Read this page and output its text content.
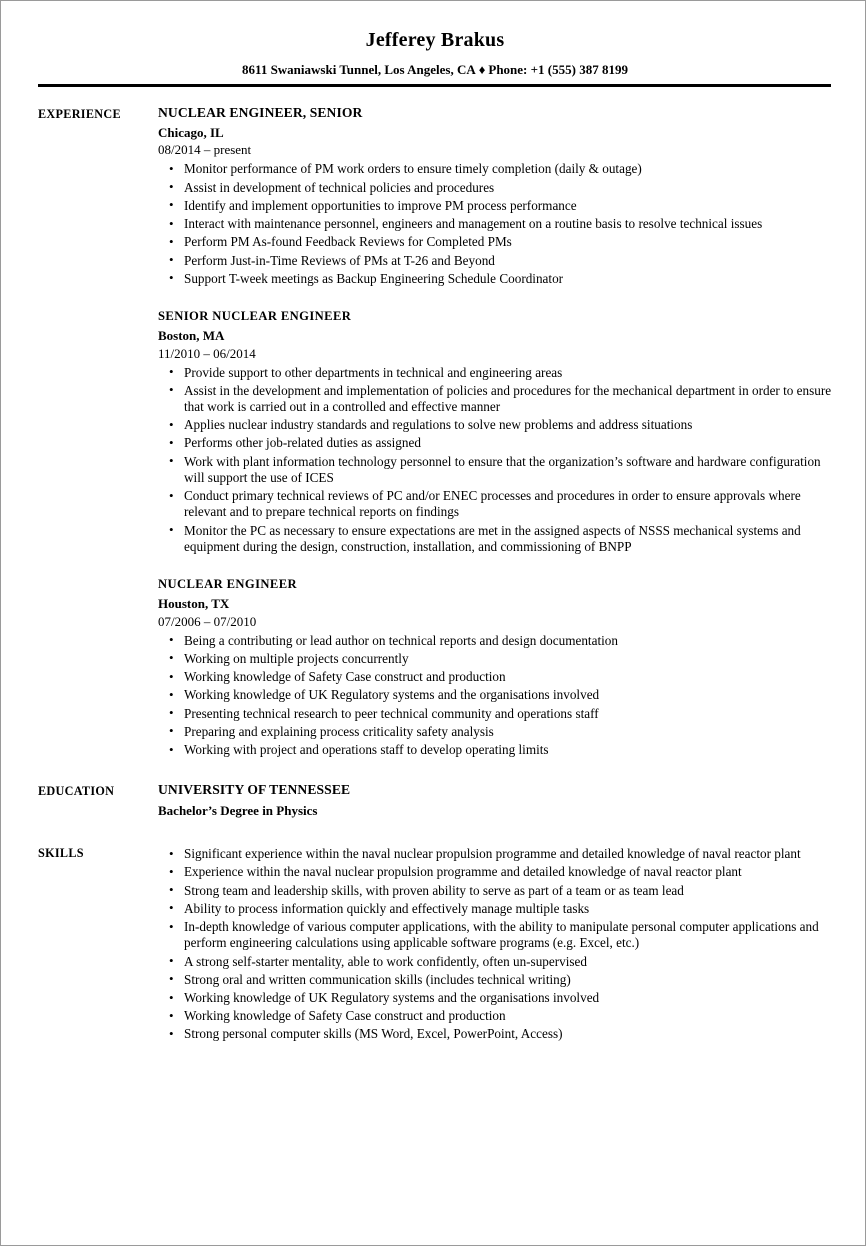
Jefferey Brakus
8611 Swaniawski Tunnel, Los Angeles, CA ♦ Phone: +1 (555) 387 8199
EXPERIENCE	NUCLEAR ENGINEER, SENIOR
Chicago, IL
08/2014 – present
• Monitor performance of PM work orders to ensure timely completion (daily & outage)
• Assist in development of technical policies and procedures
• Identify and implement opportunities to improve PM process performance
• Interact with maintenance personnel, engineers and management on a routine basis to resolve technical issues
• Perform PM As-found Feedback Reviews for Completed PMs
• Perform Just-in-Time Reviews of PMs at T-26 and Beyond
• Support T-week meetings as Backup Engineering Schedule Coordinator
SENIOR NUCLEAR ENGINEER
Boston, MA
11/2010 – 06/2014
• Provide support to other departments in technical and engineering areas
• Assist in the development and implementation of policies and procedures for the mechanical department in order to ensure that work is carried out in a controlled and effective manner
• Applies nuclear industry standards and regulations to solve new problems and address situations
• Performs other job-related duties as assigned
• Work with plant information technology personnel to ensure that the organization’s software and hardware configuration will support the use of ICES
• Conduct primary technical reviews of PC and/or ENEC processes and procedures in order to ensure approvals where relevant and to prepare technical reports on findings
• Monitor the PC as necessary to ensure expectations are met in the assigned aspects of NSSS mechanical systems and equipment during the design, construction, installation, and commissioning of BNPP
NUCLEAR ENGINEER
Houston, TX
07/2006 – 07/2010
• Being a contributing or lead author on technical reports and design documentation
• Working on multiple projects concurrently
• Working knowledge of Safety Case construct and production
• Working knowledge of UK Regulatory systems and the organisations involved
• Presenting technical research to peer technical community and operations staff
• Preparing and explaining process criticality safety analysis
• Working with project and operations staff to develop operating limits
EDUCATION	UNIVERSITY OF TENNESSEE
Bachelor’s Degree in Physics
SKILLS	• Significant experience within the naval nuclear propulsion programme and detailed knowledge of naval reactor plant
• Experience within the naval nuclear propulsion programme and detailed knowledge of naval reactor plant
• Strong team and leadership skills, with proven ability to serve as part of a team or as team lead
• Ability to process information quickly and effectively manage multiple tasks
• In-depth knowledge of various computer applications, with the ability to manipulate personal computer applications and perform engineering calculations using applicable software programs (e.g. Excel, etc.)
• A strong self-starter mentality, able to work confidently, often un-supervised
• Strong oral and written communication skills (includes technical writing)
• Working knowledge of UK Regulatory systems and the organisations involved
• Working knowledge of Safety Case construct and production
• Strong personal computer skills (MS Word, Excel, PowerPoint, Access)
